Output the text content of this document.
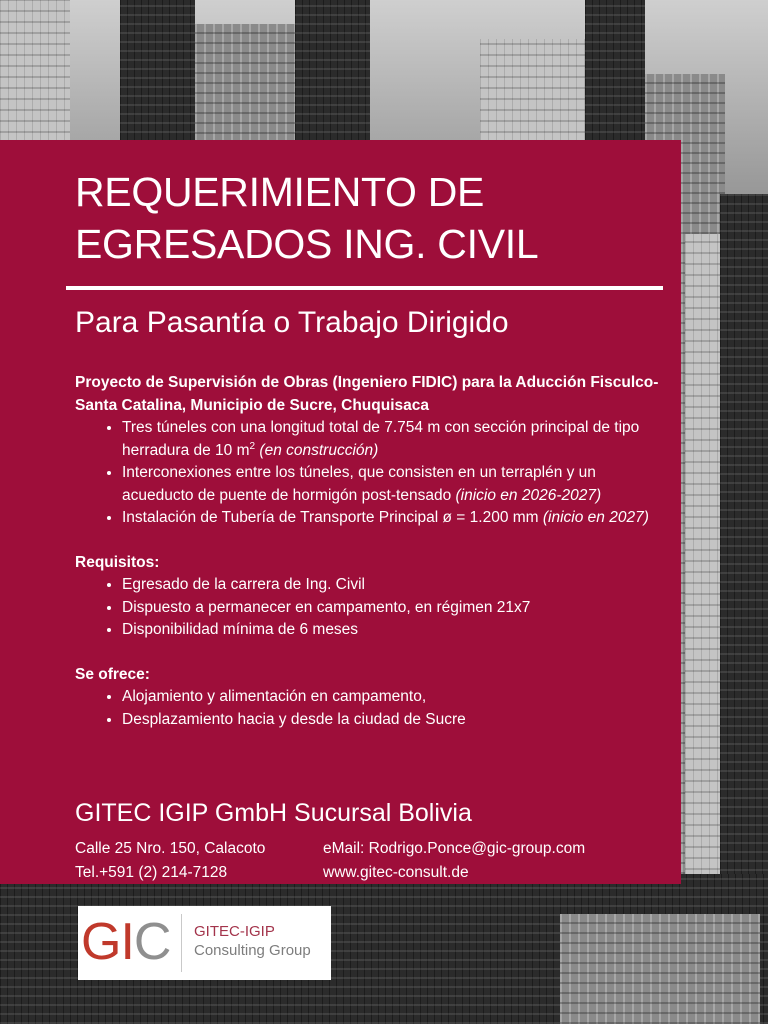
REQUERIMIENTO DE EGRESADOS ING. CIVIL
Para Pasantía o Trabajo Dirigido
Proyecto de Supervisión de Obras (Ingeniero FIDIC) para la Aducción Fisculco-Santa Catalina, Municipio de Sucre, Chuquisaca
• Tres túneles con una longitud total de 7.754 m con sección principal de tipo herradura de 10 $m^2$ (en construcción)
• Interconexiones entre los túneles, que consisten en un terraplén y un acueducto de puente de hormigón post-tensado (inicio en 2026-2027)
• Instalación de Tubería de Transporte Principal ø = 1.200 mm (inicio en 2027)
Requisitos:
• Egresado de la carrera de Ing. Civil
• Dispuesto a permanecer en campamento, en régimen 21x7
• Disponibilidad mínima de 6 meses
Se ofrece:
• Alojamiento y alimentación en campamento,
• Desplazamiento hacia y desde la ciudad de Sucre
GITEC IGIP GmbH Sucursal Bolivia
Calle 25 Nro. 150, Calacoto
Tel.+591 (2) 214-7128
eMail: Rodrigo.Ponce@gic-group.com
www.gitec-consult.de
GIC GITEC-IGIP
Consulting Group
